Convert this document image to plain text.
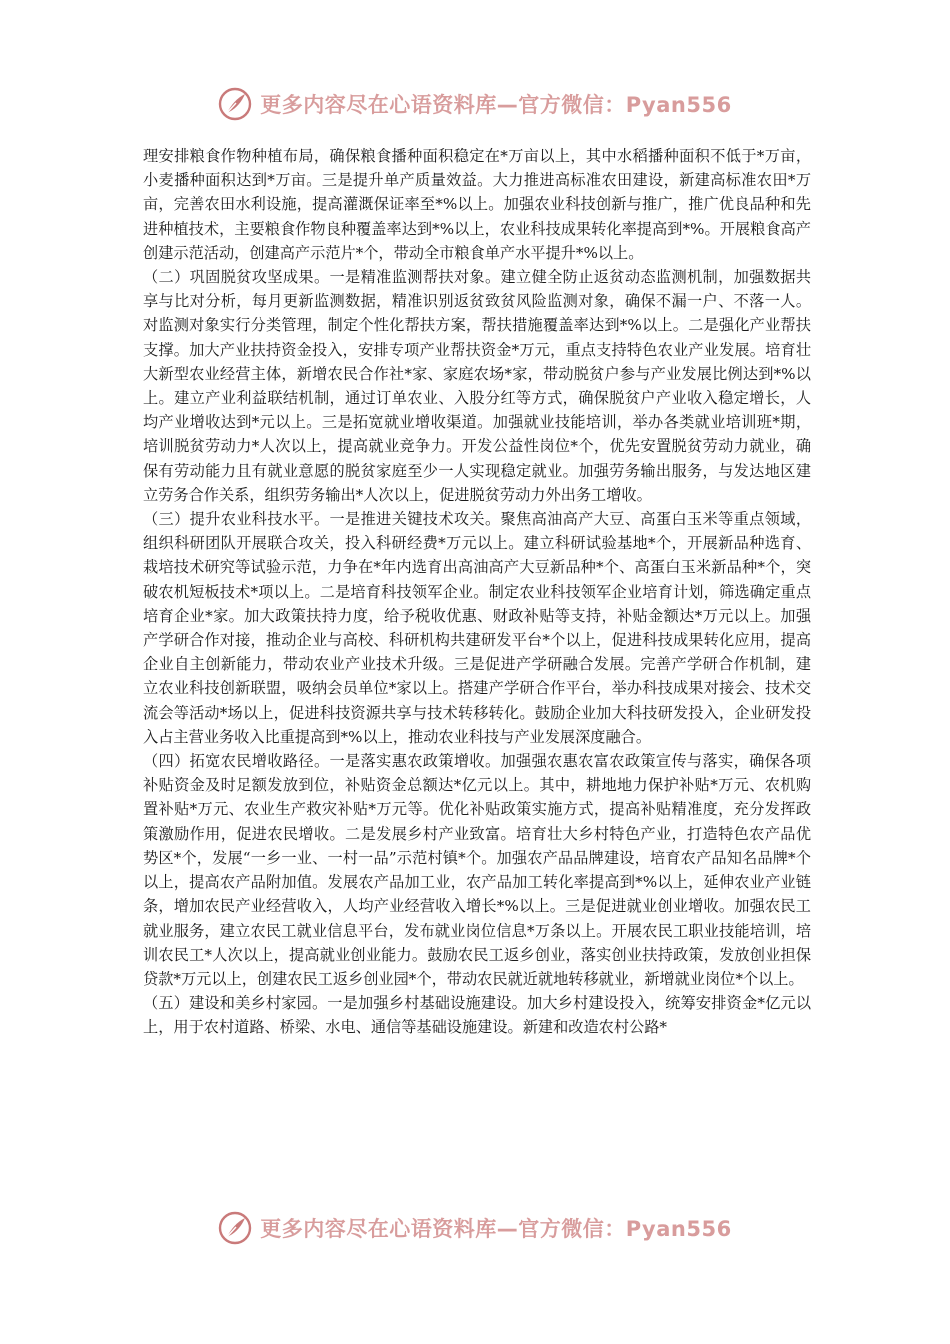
更多内容尽在心语资料库—官方微信：Pyan556

理安排粮食作物种植布局，确保粮食播种面积稳定在*万亩以上，其中水稻播种面积不低于*万亩，小麦播种面积达到*万亩。三是提升单产质量效益。大力推进高标准农田建设，新建高标准农田*万亩，完善农田水利设施，提高灌溉保证率至*%以上。加强农业科技创新与推广，推广优良品种和先进种植技术，主要粮食作物良种覆盖率达到*%以上，农业科技成果转化率提高到*%。开展粮食高产创建示范活动，创建高产示范片*个，带动全市粮食单产水平提升*%以上。

（二）巩固脱贫攻坚成果。一是精准监测帮扶对象。建立健全防止返贫动态监测机制，加强数据共享与比对分析，每月更新监测数据，精准识别返贫致贫风险监测对象，确保不漏一户、不落一人。对监测对象实行分类管理，制定个性化帮扶方案，帮扶措施覆盖率达到*%以上。二是强化产业帮扶支撑。加大产业扶持资金投入，安排专项产业帮扶资金*万元，重点支持特色农业产业发展。培育壮大新型农业经营主体，新增农民合作社*家、家庭农场*家，带动脱贫户参与产业发展比例达到*%以上。建立产业利益联结机制，通过订单农业、入股分红等方式，确保脱贫户产业收入稳定增长，人均产业增收达到*元以上。三是拓宽就业增收渠道。加强就业技能培训，举办各类就业培训班*期，培训脱贫劳动力*人次以上，提高就业竞争力。开发公益性岗位*个，优先安置脱贫劳动力就业，确保有劳动能力且有就业意愿的脱贫家庭至少一人实现稳定就业。加强劳务输出服务，与发达地区建立劳务合作关系，组织劳务输出*人次以上，促进脱贫劳动力外出务工增收。

（三）提升农业科技水平。一是推进关键技术攻关。聚焦高油高产大豆、高蛋白玉米等重点领域，组织科研团队开展联合攻关，投入科研经费*万元以上。建立科研试验基地*个，开展新品种选育、栽培技术研究等试验示范，力争在*年内选育出高油高产大豆新品种*个、高蛋白玉米新品种*个，突破农机短板技术*项以上。二是培育科技领军企业。制定农业科技领军企业培育计划，筛选确定重点培育企业*家。加大政策扶持力度，给予税收优惠、财政补贴等支持，补贴金额达*万元以上。加强产学研合作对接，推动企业与高校、科研机构共建研发平台*个以上，促进科技成果转化应用，提高企业自主创新能力，带动农业产业技术升级。三是促进产学研融合发展。完善产学研合作机制，建立农业科技创新联盟，吸纳会员单位*家以上。搭建产学研合作平台，举办科技成果对接会、技术交流会等活动*场以上，促进科技资源共享与技术转移转化。鼓励企业加大科技研发投入，企业研发投入占主营业务收入比重提高到*%以上，推动农业科技与产业发展深度融合。

（四）拓宽农民增收路径。一是落实惠农政策增收。加强强农惠农富农政策宣传与落实，确保各项补贴资金及时足额发放到位，补贴资金总额达*亿元以上。其中，耕地地力保护补贴*万元、农机购置补贴*万元、农业生产救灾补贴*万元等。优化补贴政策实施方式，提高补贴精准度，充分发挥政策激励作用，促进农民增收。二是发展乡村产业致富。培育壮大乡村特色产业，打造特色农产品优势区*个，发展“一乡一业、一村一品”示范村镇*个。加强农产品品牌建设，培育农产品知名品牌*个以上，提高农产品附加值。发展农产品加工业，农产品加工转化率提高到*%以上，延伸农业产业链条，增加农民产业经营收入，人均产业经营收入增长*%以上。三是促进就业创业增收。加强农民工就业服务，建立农民工就业信息平台，发布就业岗位信息*万条以上。开展农民工职业技能培训，培训农民工*人次以上，提高就业创业能力。鼓励农民工返乡创业，落实创业扶持政策，发放创业担保贷款*万元以上，创建农民工返乡创业园*个，带动农民就近就地转移就业，新增就业岗位*个以上。

（五）建设和美乡村家园。一是加强乡村基础设施建设。加大乡村建设投入，统筹安排资金*亿元以上，用于农村道路、桥梁、水电、通信等基础设施建设。新建和改造农村公路*

更多内容尽在心语资料库—官方微信：Pyan556
